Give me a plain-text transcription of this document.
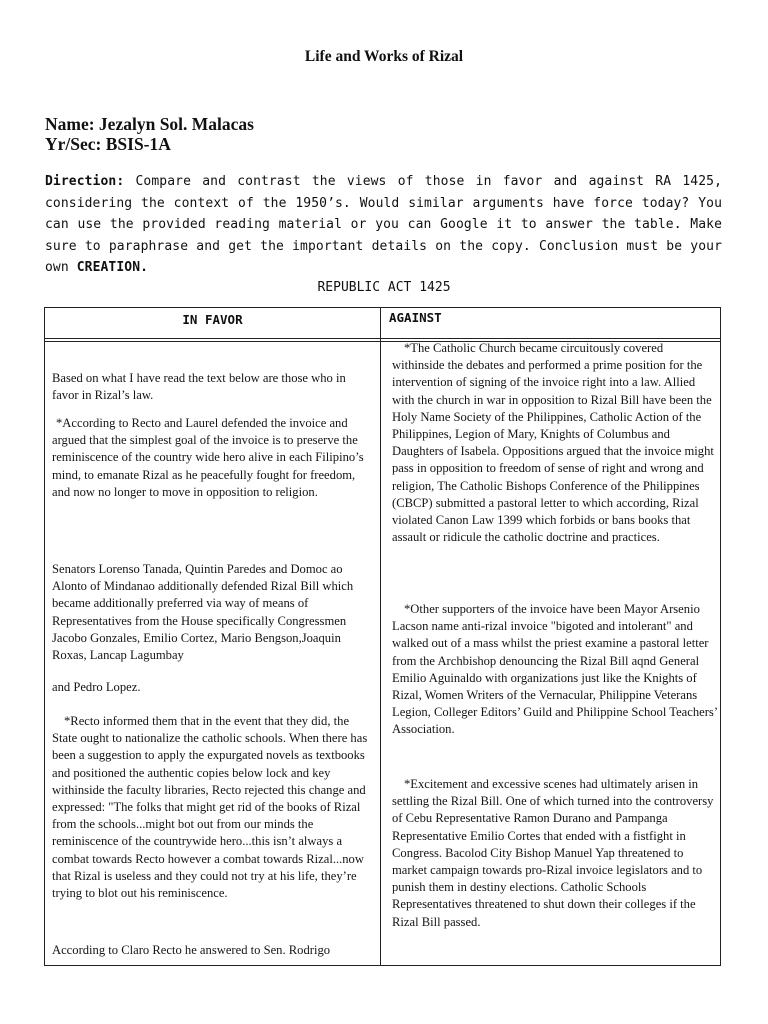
Life and Works of Rizal
Name: Jezalyn Sol. Malacas
Yr/Sec: BSIS-1A
Direction: Compare and contrast the views of those in favor and against RA 1425, considering the context of the 1950’s. Would similar arguments have force today? You can use the provided reading material or you can Google it to answer the table. Make sure to paraphrase and get the important details on the copy. Conclusion must be your own CREATION.
REPUBLIC ACT 1425
IN FAVOR	AGAINST
Based on what I have read the text below are those who in favor in Rizal’s law.
*According to Recto and Laurel defended the invoice and argued that the simplest goal of the invoice is to preserve the reminiscence of the country wide hero alive in each Filipino’s mind, to emanate Rizal as he peacefully fought for freedom, and now no longer to move in opposition to religion.
Senators Lorenso Tanada, Quintin Paredes and Domoc ao Alonto of Mindanao additionally defended Rizal Bill which became additionally preferred via way of means of Representatives from the House specifically Congressmen Jacobo Gonzales, Emilio Cortez, Mario Bengson,Joaquin Roxas, Lancap Lagumbay
and Pedro Lopez.
*Recto informed them that in the event that they did, the State ought to nationalize the catholic schools. When there has been a suggestion to apply the expurgated novels as textbooks and positioned the authentic copies below lock and key withinside the faculty libraries, Recto rejected this change and expressed: "The folks that might get rid of the books of Rizal from the schools...might bot out from our minds the reminiscence of the countrywide hero...this isn’t always a combat towards Recto however a combat towards Rizal...now that Rizal is useless and they could not try at his life, they’re trying to blot out his reminiscence.
According to Claro Recto he answered to Sen. Rodrigo
*The Catholic Church became circuitously covered withinside the debates and performed a prime position for the intervention of signing of the invoice right into a law. Allied with the church in war in opposition to Rizal Bill have been the Holy Name Society of the Philippines, Catholic Action of the Philippines, Legion of Mary, Knights of Columbus and Daughters of Isabela. Oppositions argued that the invoice might pass in opposition to freedom of sense of right and wrong and religion, The Catholic Bishops Conference of the Philippines (CBCP) submitted a pastoral letter to which according, Rizal violated Canon Law 1399 which forbids or bans books that assault or ridicule the catholic doctrine and practices.
*Other supporters of the invoice have been Mayor Arsenio Lacson name anti-rizal invoice "bigoted and intolerant" and walked out of a mass whilst the priest examine a pastoral letter from the Archbishop denouncing the Rizal Bill aqnd General Emilio Aguinaldo with organizations just like the Knights of Rizal, Women Writers of the Vernacular, Philippine Veterans Legion, Colleger Editors’ Guild and Philippine School Teachers’ Association.
*Excitement and excessive scenes had ultimately arisen in settling the Rizal Bill. One of which turned into the controversy of Cebu Representative Ramon Durano and Pampanga Representative Emilio Cortes that ended with a fistfight in Congress. Bacolod City Bishop Manuel Yap threatened to market campaign towards pro-Rizal invoice legislators and to punish them in destiny elections. Catholic Schools Representatives threatened to shut down their colleges if the Rizal Bill passed.
